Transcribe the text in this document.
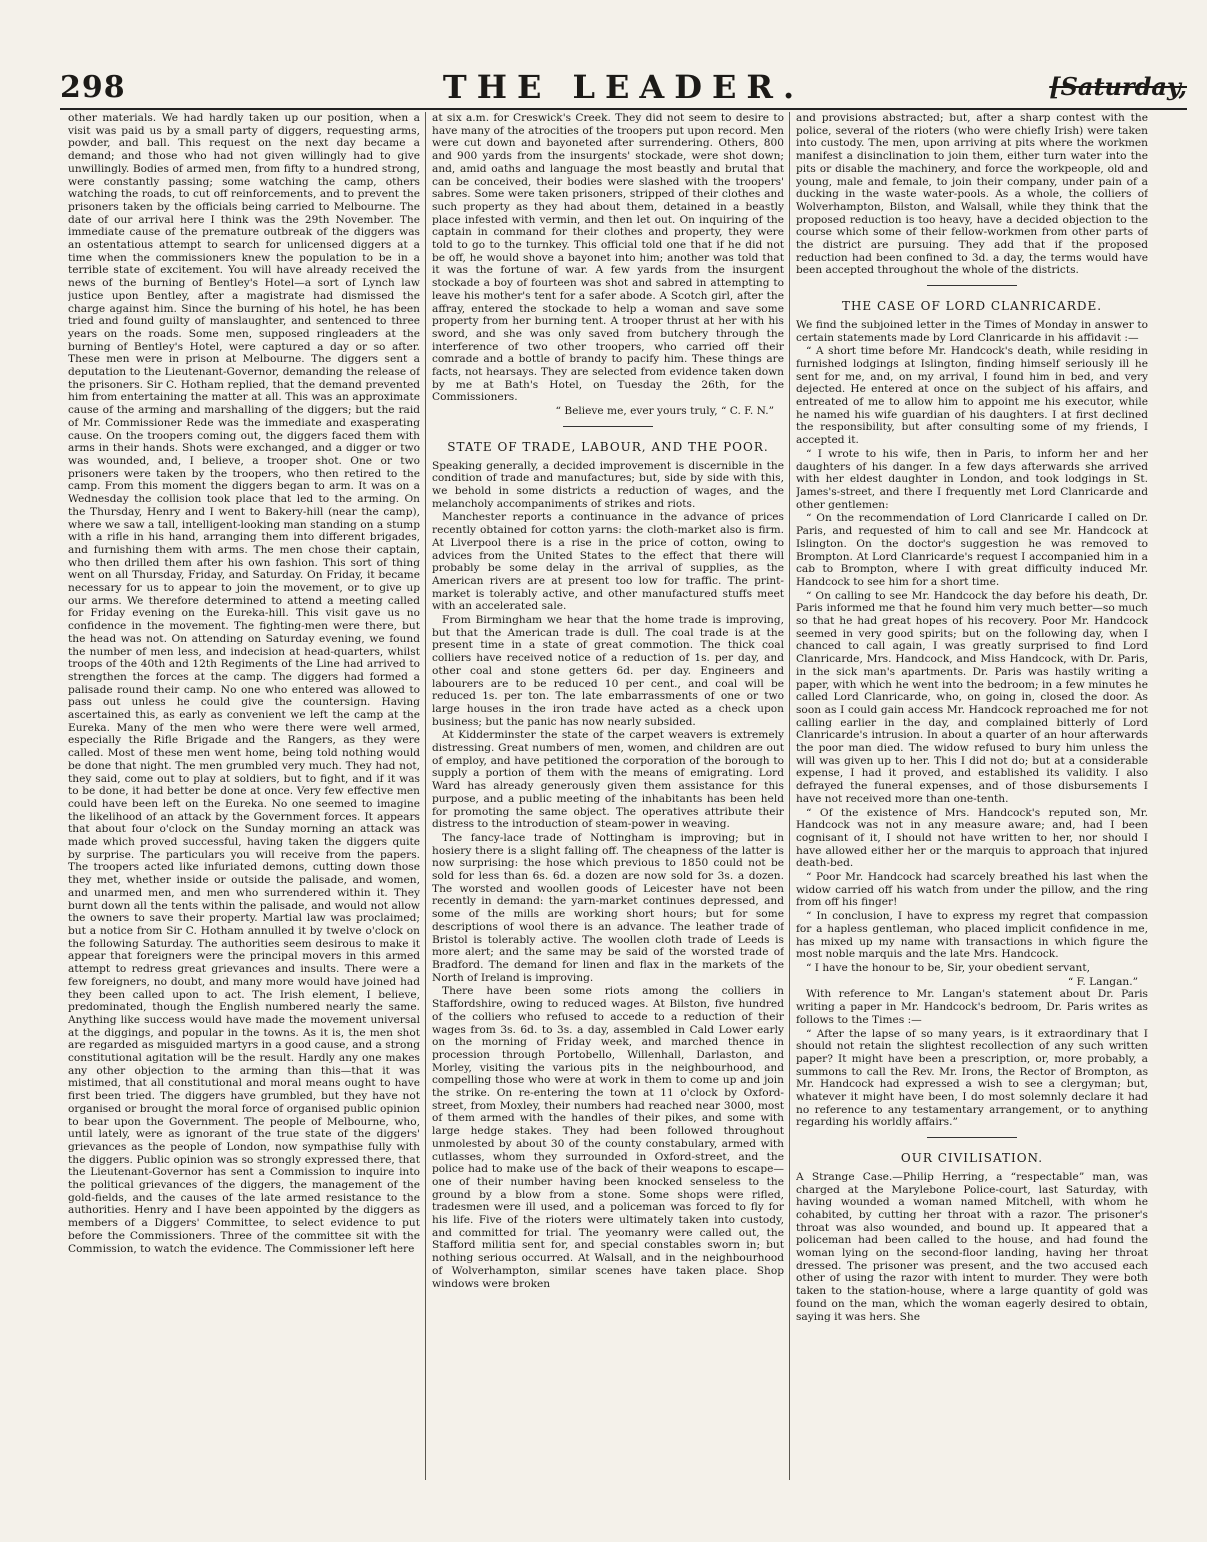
298	THE LEADER.	[Saturday,

other materials. We had hardly taken up our position, when a visit was paid us by a small party of diggers, requesting arms, powder, and ball. This request on the next day became a demand; and those who had not given willingly had to give unwillingly. Bodies of armed men, from fifty to a hundred strong, were constantly passing; some watching the camp, others watching the roads, to cut off reinforcements, and to prevent the prisoners taken by the officials being carried to Melbourne. The date of our arrival here I think was the 29th November. The immediate cause of the premature outbreak of the diggers was an ostentatious attempt to search for unlicensed diggers at a time when the commissioners knew the population to be in a terrible state of excitement. You will have already received the news of the burning of Bentley's Hotel—a sort of Lynch law justice upon Bentley, after a magistrate had dismissed the charge against him. Since the burning of his hotel, he has been tried and found guilty of manslaughter, and sentenced to three years on the roads. Some men, supposed ringleaders at the burning of Bentley's Hotel, were captured a day or so after. These men were in prison at Melbourne. The diggers sent a deputation to the Lieutenant-Governor, demanding the release of the prisoners. Sir C. Hotham replied, that the demand prevented him from entertaining the matter at all. This was an approximate cause of the arming and marshalling of the diggers; but the raid of Mr. Commissioner Rede was the immediate and exasperating cause. On the troopers coming out, the diggers faced them with arms in their hands. Shots were exchanged, and a digger or two was wounded, and, I believe, a trooper shot. One or two prisoners were taken by the troopers, who then retired to the camp. From this moment the diggers began to arm. It was on a Wednesday the collision took place that led to the arming. On the Thursday, Henry and I went to Bakery-hill (near the camp), where we saw a tall, intelligent-looking man standing on a stump with a rifle in his hand, arranging them into different brigades, and furnishing them with arms. The men chose their captain, who then drilled them after his own fashion. This sort of thing went on all Thursday, Friday, and Saturday. On Friday, it became necessary for us to appear to join the movement, or to give up our arms. We therefore determined to attend a meeting called for Friday evening on the Eureka-hill. This visit gave us no confidence in the movement. The fighting-men were there, but the head was not. On attending on Saturday evening, we found the number of men less, and indecision at head-quarters, whilst troops of the 40th and 12th Regiments of the Line had arrived to strengthen the forces at the camp. The diggers had formed a palisade round their camp. No one who entered was allowed to pass out unless he could give the countersign. Having ascertained this, as early as convenient we left the camp at the Eureka. Many of the men who were there were well armed, especially the Rifle Brigade and the Rangers, as they were called. Most of these men went home, being told nothing would be done that night. The men grumbled very much. They had not, they said, come out to play at soldiers, but to fight, and if it was to be done, it had better be done at once. Very few effective men could have been left on the Eureka. No one seemed to imagine the likelihood of an attack by the Government forces. It appears that about four o'clock on the Sunday morning an attack was made which proved successful, having taken the diggers quite by surprise. The particulars you will receive from the papers. The troopers acted like infuriated demons, cutting down those they met, whether inside or outside the palisade, and women, and unarmed men, and men who surrendered within it. They burnt down all the tents within the palisade, and would not allow the owners to save their property. Martial law was proclaimed; but a notice from Sir C. Hotham annulled it by twelve o'clock on the following Saturday. The authorities seem desirous to make it appear that foreigners were the principal movers in this armed attempt to redress great grievances and insults. There were a few foreigners, no doubt, and many more would have joined had they been called upon to act. The Irish element, I believe, predominated, though the English numbered nearly the same. Anything like success would have made the movement universal at the diggings, and popular in the towns. As it is, the men shot are regarded as misguided martyrs in a good cause, and a strong constitutional agitation will be the result. Hardly any one makes any other objection to the arming than this—that it was mistimed, that all constitutional and moral means ought to have first been tried. The diggers have grumbled, but they have not organised or brought the moral force of organised public opinion to bear upon the Government. The people of Melbourne, who, until lately, were as ignorant of the true state of the diggers' grievances as the people of London, now sympathise fully with the diggers. Public opinion was so strongly expressed there, that the Lieutenant-Governor has sent a Commission to inquire into the political grievances of the diggers, the management of the gold-fields, and the causes of the late armed resistance to the authorities. Henry and I have been appointed by the diggers as members of a Diggers' Committee, to select evidence to put before the Commissioners. Three of the committee sit with the Commission, to watch the evidence. The Commissioner left here

at six a.m. for Creswick's Creek. They did not seem to desire to have many of the atrocities of the troopers put upon record. Men were cut down and bayoneted after surrendering. Others, 800 and 900 yards from the insurgents' stockade, were shot down; and, amid oaths and language the most beastly and brutal that can be conceived, their bodies were slashed with the troopers' sabres. Some were taken prisoners, stripped of their clothes and such property as they had about them, detained in a beastly place infested with vermin, and then let out. On inquiring of the captain in command for their clothes and property, they were told to go to the turnkey. This official told one that if he did not be off, he would shove a bayonet into him; another was told that it was the fortune of war. A few yards from the insurgent stockade a boy of fourteen was shot and sabred in attempting to leave his mother's tent for a safer abode. A Scotch girl, after the affray, entered the stockade to help a woman and save some property from her burning tent. A trooper thrust at her with his sword, and she was only saved from butchery through the interference of two other troopers, who carried off their comrade and a bottle of brandy to pacify him. These things are facts, not hearsays. They are selected from evidence taken down by me at Bath's Hotel, on Tuesday the 26th, for the Commissioners.

“ Believe me, ever yours truly, “ C. F. N.”
STATE OF TRADE, LABOUR, AND THE POOR.

Speaking generally, a decided improvement is discernible in the condition of trade and manufactures; but, side by side with this, we behold in some districts a reduction of wages, and the melancholy accompaniments of strikes and riots.

Manchester reports a continuance in the advance of prices recently obtained for cotton yarns: the cloth-market also is firm. At Liverpool there is a rise in the price of cotton, owing to advices from the United States to the effect that there will probably be some delay in the arrival of supplies, as the American rivers are at present too low for traffic. The print-market is tolerably active, and other manufactured stuffs meet with an accelerated sale.

From Birmingham we hear that the home trade is improving, but that the American trade is dull. The coal trade is at the present time in a state of great commotion. The thick coal colliers have received notice of a reduction of 1s. per day, and other coal and stone getters 6d. per day. Engineers and labourers are to be reduced 10 per cent., and coal will be reduced 1s. per ton. The late embarrassments of one or two large houses in the iron trade have acted as a check upon business; but the panic has now nearly subsided.

At Kidderminster the state of the carpet weavers is extremely distressing. Great numbers of men, women, and children are out of employ, and have petitioned the corporation of the borough to supply a portion of them with the means of emigrating. Lord Ward has already generously given them assistance for this purpose, and a public meeting of the inhabitants has been held for promoting the same object. The operatives attribute their distress to the introduction of steam-power in weaving.

The fancy-lace trade of Nottingham is improving; but in hosiery there is a slight falling off. The cheapness of the latter is now surprising: the hose which previous to 1850 could not be sold for less than 6s. 6d. a dozen are now sold for 3s. a dozen. The worsted and woollen goods of Leicester have not been recently in demand: the yarn-market continues depressed, and some of the mills are working short hours; but for some descriptions of wool there is an advance. The leather trade of Bristol is tolerably active. The woollen cloth trade of Leeds is more alert; and the same may be said of the worsted trade of Bradford. The demand for linen and flax in the markets of the North of Ireland is improving.

There have been some riots among the colliers in Staffordshire, owing to reduced wages. At Bilston, five hundred of the colliers who refused to accede to a reduction of their wages from 3s. 6d. to 3s. a day, assembled in Cald Lower early on the morning of Friday week, and marched thence in procession through Portobello, Willenhall, Darlaston, and Morley, visiting the various pits in the neighbourhood, and compelling those who were at work in them to come up and join the strike. On re-entering the town at 11 o'clock by Oxford-street, from Moxley, their numbers had reached near 3000, most of them armed with the handles of their pikes, and some with large hedge stakes. They had been followed throughout unmolested by about 30 of the county constabulary, armed with cutlasses, whom they surrounded in Oxford-street, and the police had to make use of the back of their weapons to escape—one of their number having been knocked senseless to the ground by a blow from a stone. Some shops were rifled, tradesmen were ill used, and a policeman was forced to fly for his life. Five of the rioters were ultimately taken into custody, and committed for trial. The yeomanry were called out, the Stafford militia sent for, and special constables sworn in; but nothing serious occurred. At Walsall, and in the neighbourhood of Wolverhampton, similar scenes have taken place. Shop windows were broken

and provisions abstracted; but, after a sharp contest with the police, several of the rioters (who were chiefly Irish) were taken into custody. The men, upon arriving at pits where the workmen manifest a disinclination to join them, either turn water into the pits or disable the machinery, and force the workpeople, old and young, male and female, to join their company, under pain of a ducking in the waste water-pools. As a whole, the colliers of Wolverhampton, Bilston, and Walsall, while they think that the proposed reduction is too heavy, have a decided objection to the course which some of their fellow-workmen from other parts of the district are pursuing. They add that if the proposed reduction had been confined to 3d. a day, the terms would have been accepted throughout the whole of the districts.

THE CASE OF LORD CLANRICARDE.

We find the subjoined letter in the Times of Monday in answer to certain statements made by Lord Clanricarde in his affidavit :—

“ A short time before Mr. Handcock's death, while residing in furnished lodgings at Islington, finding himself seriously ill he sent for me, and, on my arrival, I found him in bed, and very dejected. He entered at once on the subject of his affairs, and entreated of me to allow him to appoint me his executor, while he named his wife guardian of his daughters. I at first declined the responsibility, but after consulting some of my friends, I accepted it.

“ I wrote to his wife, then in Paris, to inform her and her daughters of his danger. In a few days afterwards she arrived with her eldest daughter in London, and took lodgings in St. James's-street, and there I frequently met Lord Clanricarde and other gentlemen:

“ On the recommendation of Lord Clanricarde I called on Dr. Paris, and requested of him to call and see Mr. Handcock at Islington. On the doctor's suggestion he was removed to Brompton. At Lord Clanricarde's request I accompanied him in a cab to Brompton, where I with great difficulty induced Mr. Handcock to see him for a short time.

“ On calling to see Mr. Handcock the day before his death, Dr. Paris informed me that he found him very much better—so much so that he had great hopes of his recovery. Poor Mr. Handcock seemed in very good spirits; but on the following day, when I chanced to call again, I was greatly surprised to find Lord Clanricarde, Mrs. Handcock, and Miss Handcock, with Dr. Paris, in the sick man's apartments. Dr. Paris was hastily writing a paper, with which he went into the bedroom; in a few minutes he called Lord Clanricarde, who, on going in, closed the door. As soon as I could gain access Mr. Handcock reproached me for not calling earlier in the day, and complained bitterly of Lord Clanricarde's intrusion. In about a quarter of an hour afterwards the poor man died. The widow refused to bury him unless the will was given up to her. This I did not do; but at a considerable expense, I had it proved, and established its validity. I also defrayed the funeral expenses, and of those disbursements I have not received more than one-tenth.

“ Of the existence of Mrs. Handcock's reputed son, Mr. Handcock was not in any measure aware; and, had I been cognisant of it, I should not have written to her, nor should I have allowed either her or the marquis to approach that injured death-bed.

“ Poor Mr. Handcock had scarcely breathed his last when the widow carried off his watch from under the pillow, and the ring from off his finger!

“ In conclusion, I have to express my regret that compassion for a hapless gentleman, who placed implicit confidence in me, has mixed up my name with transactions in which figure the most noble marquis and the late Mrs. Handcock.

“ I have the honour to be, Sir, your obedient servant,

“ F. Langan.”

With reference to Mr. Langan's statement about Dr. Paris writing a paper in Mr. Handcock's bedroom, Dr. Paris writes as follows to the Times :—

“ After the lapse of so many years, is it extraordinary that I should not retain the slightest recollection of any such written paper? It might have been a prescription, or, more probably, a summons to call the Rev. Mr. Irons, the Rector of Brompton, as Mr. Handcock had expressed a wish to see a clergyman; but, whatever it might have been, I do most solemnly declare it had no reference to any testamentary arrangement, or to anything regarding his worldly affairs.”

OUR CIVILISATION.

A Strange Case.—Philip Herring, a “respectable” man, was charged at the Marylebone Police-court, last Saturday, with having wounded a woman named Mitchell, with whom he cohabited, by cutting her throat with a razor. The prisoner's throat was also wounded, and bound up. It appeared that a policeman had been called to the house, and had found the woman lying on the second-floor landing, having her throat dressed. The prisoner was present, and the two accused each other of using the razor with intent to murder. They were both taken to the station-house, where a large quantity of gold was found on the man, which the woman eagerly desired to obtain, saying it was hers. She
